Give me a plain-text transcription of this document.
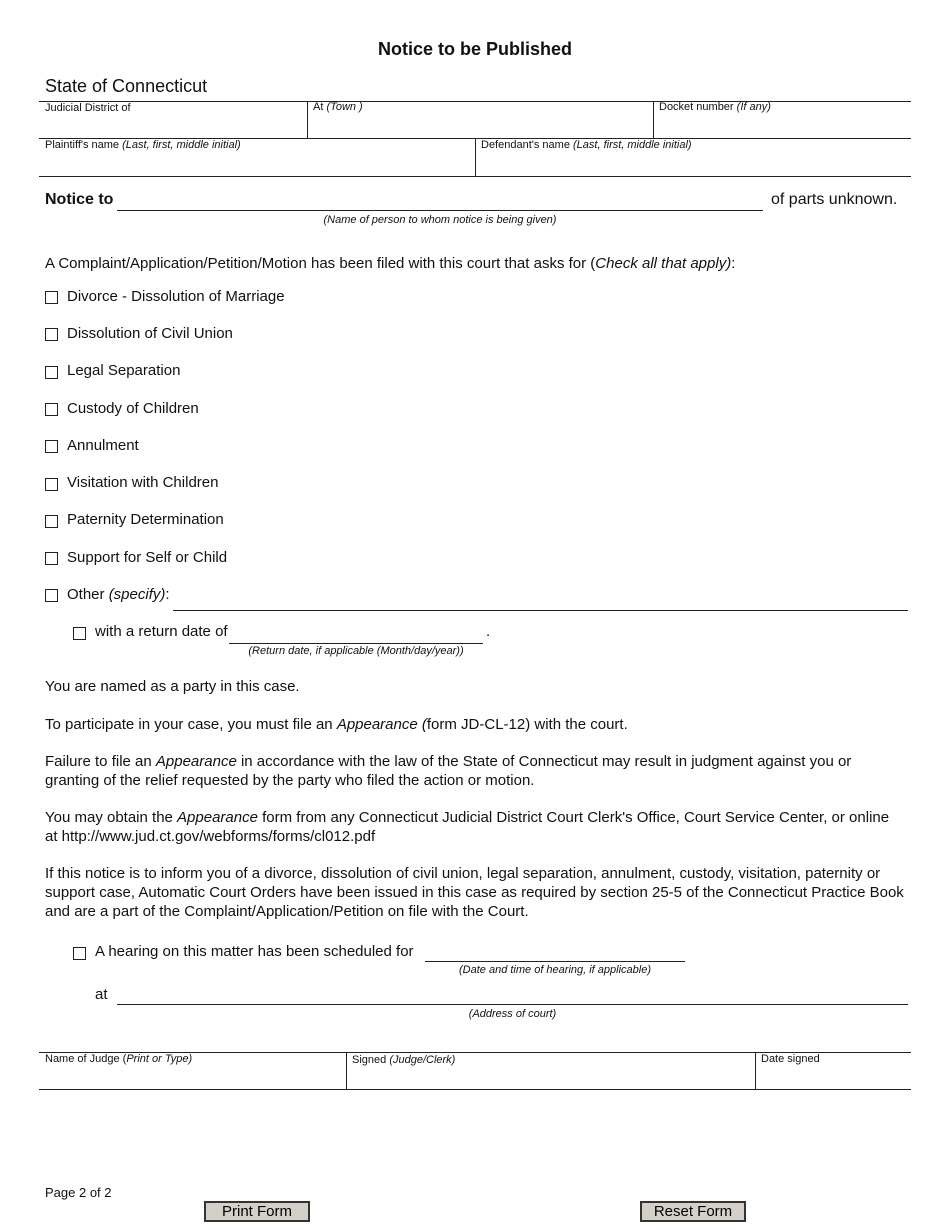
Notice to be Published
State of Connecticut
Judicial District of	At (Town )	Docket number (If any)
Plaintiff's name (Last, first, middle initial)	Defendant's name (Last, first, middle initial)
Notice to	of parts unknown.
(Name of person to whom notice is being given)
A Complaint/Application/Petition/Motion has been filed with this court that asks for (Check all that apply):
Divorce - Dissolution of Marriage
Dissolution of Civil Union
Legal Separation
Custody of Children
Annulment
Visitation with Children
Paternity Determination
Support for Self or Child
Other (specify):
with a return date of	.
(Return date, if applicable (Month/day/year))
You are named as a party in this case.
To participate in your case, you must file an Appearance (form JD-CL-12) with the court.
Failure to file an Appearance in accordance with the law of the State of Connecticut may result in judgment against you or granting of the relief requested by the party who filed the action or motion.
You may obtain the Appearance form from any Connecticut Judicial District Court Clerk's Office, Court Service Center, or online at http://www.jud.ct.gov/webforms/forms/cl012.pdf
If this notice is to inform you of a divorce, dissolution of civil union, legal separation, annulment, custody, visitation, paternity or support case, Automatic Court Orders have been issued in this case as required by section 25-5 of the Connecticut Practice Book and are a part of the Complaint/Application/Petition on file with the Court.
A hearing on this matter has been scheduled for
(Date and time of hearing, if applicable)
at
(Address of court)
Name of Judge (Print or Type)	Signed (Judge/Clerk)	Date signed
Page 2 of 2
Print Form	Reset Form
